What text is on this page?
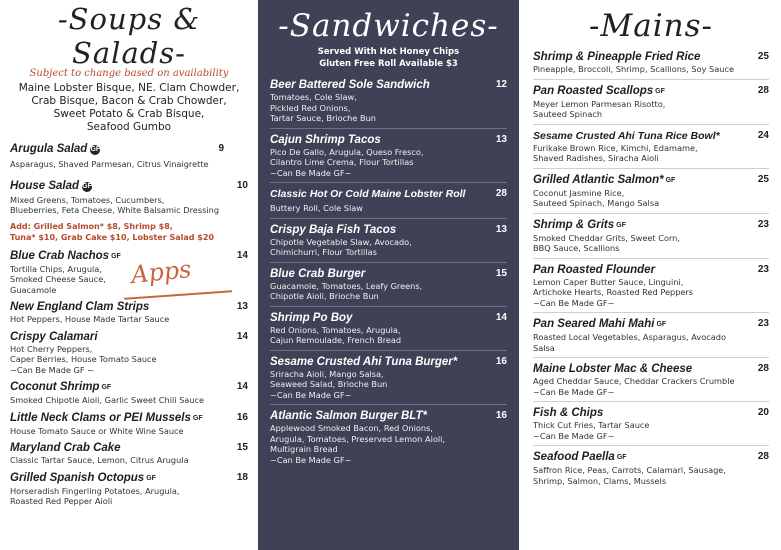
-Soups & Salads-
Subject to change based on availability
Maine Lobster Bisque, NE. Clam Chowder,
Crab Bisque, Bacon & Crab Chowder,
Sweet Potato & Crab Bisque,
Seafood Gumbo
Arugula Salad GF	9
Asparagus, Shaved Parmesan, Citrus Vinaigrette
House Salad GF	10
Mixed Greens, Tomatoes, Cucumbers,
Blueberries, Feta Cheese, White Balsamic Dressing
Add: Grilled Salmon* $8, Shrimp $8,
Tuna* $10, Grab Cake $10, Lobster Salad $20
Blue Crab Nachos GF	14
Tortilla Chips, Arugula,
Smoked Cheese Sauce,
Guacamole
New England Clam Strips	13
Hot Peppers, House Made Tartar Sauce
Crispy Calamari	14
Hot Cherry Peppers,
Caper Berries, House Tomato Sauce
~Can Be Made GF ~
Coconut Shrimp GF	14
Smoked Chipotle Aioli, Garlic Sweet Chili Sauce
Little Neck Clams or PEI Mussels GF	16
House Tomato Sauce or White Wine Sauce
Maryland Crab Cake	15
Classic Tartar Sauce, Lemon, Citrus Arugula
Grilled Spanish Octopus GF	18
Horseradish Fingerling Potatoes, Arugula,
Roasted Red Pepper Aioli
Apps
-Sandwiches-
Served With Hot Honey Chips
Gluten Free Roll Available $3
Beer Battered Sole Sandwich	12
Tomatoes, Cole Slaw,
Pickled Red Onions,
Tartar Sauce, Brioche Bun
Cajun Shrimp Tacos	13
Pico De Gallo, Arugula, Queso Fresco,
Cilantro Lime Crema, Flour Tortillas
~Can Be Made GF~
Classic Hot Or Cold Maine Lobster Roll	28
Buttery Roll, Cole Slaw
Crispy Baja Fish Tacos	13
Chipotle Vegetable Slaw, Avocado,
Chimichurri, Flour Tortillas
Blue Crab Burger	15
Guacamole, Tomatoes, Leafy Greens,
Chipotle Aioli, Brioche Bun
Shrimp Po Boy	14
Red Onions, Tomatoes, Arugula,
Cajun Remoulade, French Bread
Sesame Crusted Ahi Tuna Burger*	16
Sriracha Aioli, Mango Salsa,
Seaweed Salad, Brioche Bun
~Can Be Made GF~
Atlantic Salmon Burger BLT*	16
Applewood Smoked Bacon, Red Onions,
Arugula, Tomatoes, Preserved Lemon Aioli,
Multigrain Bread
~Can Be Made GF~
-Mains-
Shrimp & Pineapple Fried Rice	25
Pineapple, Broccoli, Shrimp, Scallions, Soy Sauce
Pan Roasted Scallops GF	28
Meyer Lemon Parmesan Risotto,
Sauteed Spinach
Sesame Crusted Ahi Tuna Rice Bowl*	24
Furikake Brown Rice, Kimchi, Edamame,
Shaved Radishes, Siracha Aioli
Grilled Atlantic Salmon* GF	25
Coconut Jasmine Rice,
Sauteed Spinach, Mango Salsa
Shrimp & Grits GF	23
Smoked Cheddar Grits, Sweet Corn,
BBQ Sauce, Scallions
Pan Roasted Flounder	23
Lemon Caper Butter Sauce, Linguini,
Artichoke Hearts, Roasted Red Peppers
~Can Be Made GF~
Pan Seared Mahi Mahi GF	23
Roasted Local Vegetables, Asparagus, Avocado
Salsa
Maine Lobster Mac & Cheese	28
Aged Cheddar Sauce, Cheddar Crackers Crumble
~Can Be Made GF~
Fish & Chips	20
Thick Cut Fries, Tartar Sauce
~Can Be Made GF~
Seafood Paella GF	28
Saffron Rice, Peas, Carrots, Calamari, Sausage,
Shrimp, Salmon, Clams, Mussels
